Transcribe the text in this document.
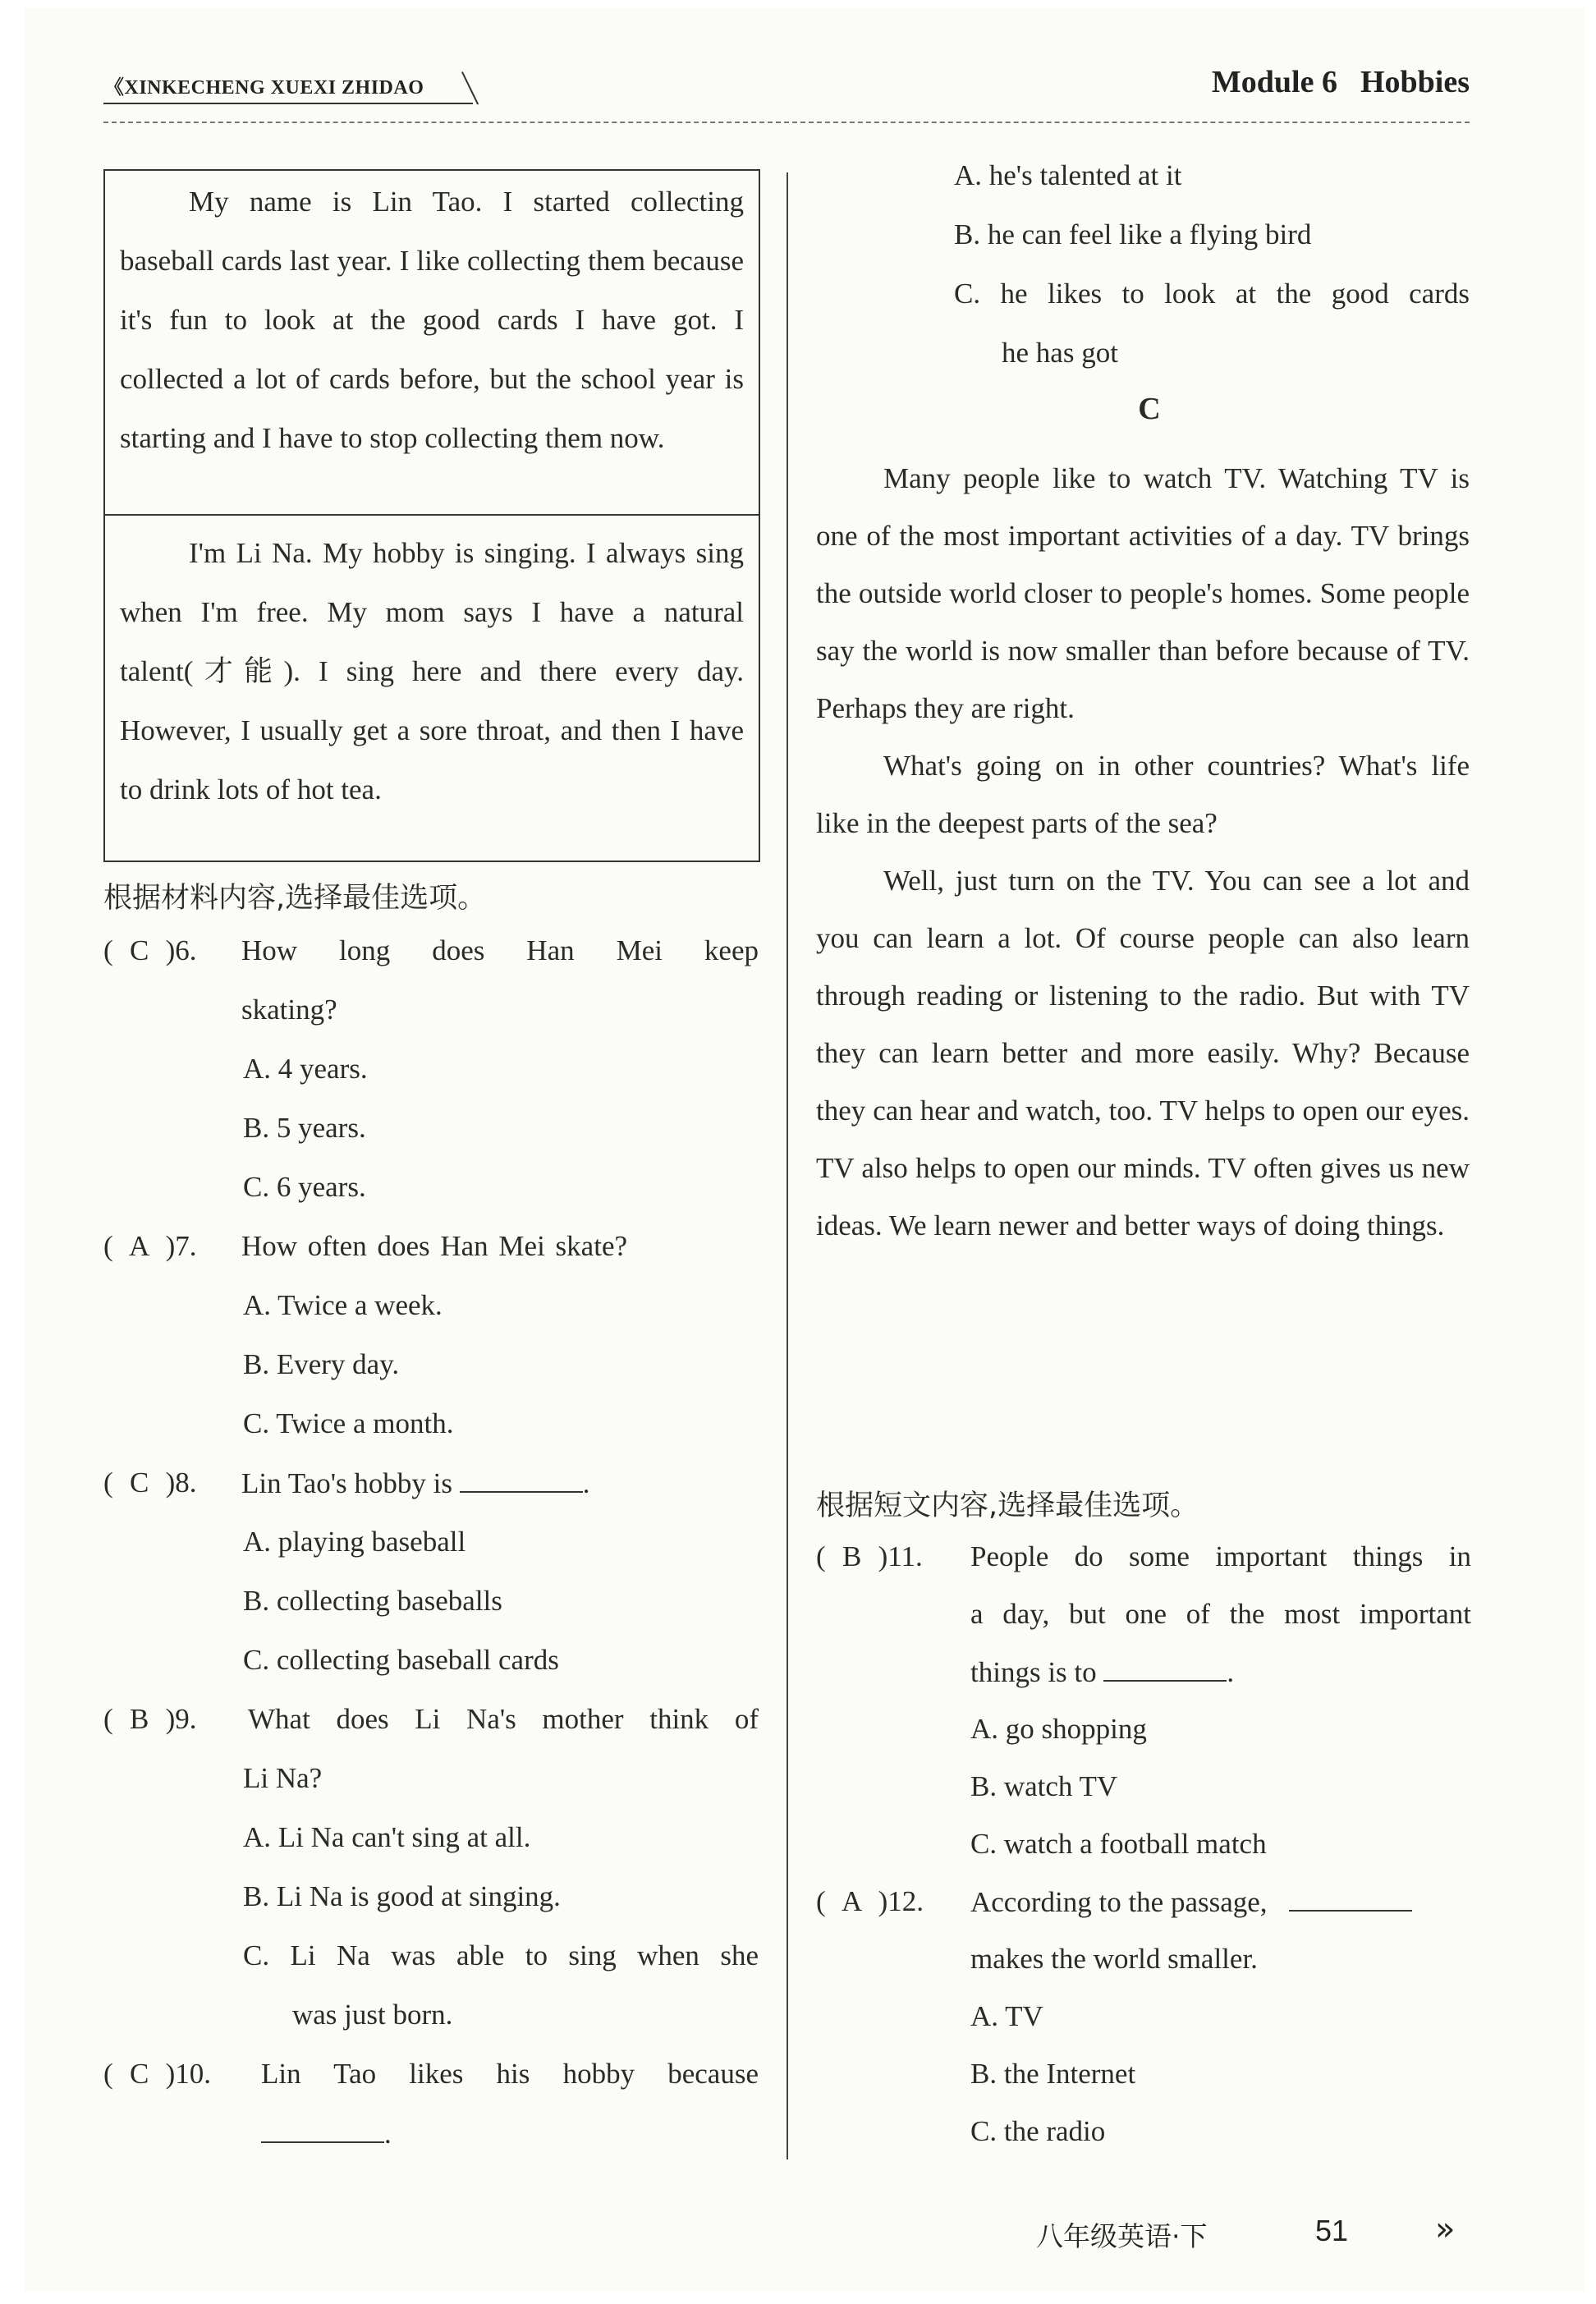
《XINKECHENG XUEXI ZHIDAO	Module 6 Hobbies

My name is Lin Tao. I started collecting baseball cards last year. I like collecting them because it's fun to look at the good cards I have got. I collected a lot of cards before, but the school year is starting and I have to stop collecting them now.

I'm Li Na. My hobby is singing. I always sing when I'm free. My mom says I have a natural talent(才能). I sing here and there every day. However, I usually get a sore throat, and then I have to drink lots of hot tea.

根据材料内容,选择最佳选项。
( C )6. How long does Han Mei keep
skating?
A. 4 years.
B. 5 years.
C. 6 years.
( A )7. How often does Han Mei skate?
A. Twice a week.
B. Every day.
C. Twice a month.
( C )8. Lin Tao's hobby is	.
A. playing baseball
B. collecting baseballs
C. collecting baseball cards
( B )9. What does Li Na's mother think of
Li Na?
A. Li Na can't sing at all.
B. Li Na is good at singing.
C. Li Na was able to sing when she
was just born.
( C )10. Lin Tao likes his hobby because
.
A. he's talented at it
B. he can feel like a flying bird
C. he likes to look at the good cards
he has got
C

Many people like to watch TV. Watching TV is one of the most important activities of a day. TV brings the outside world closer to people's homes. Some people say the world is now smaller than before because of TV. Perhaps they are right.

What's going on in other countries? What's life like in the deepest parts of the sea?

Well, just turn on the TV. You can see a lot and you can learn a lot. Of course people can also learn through reading or listening to the radio. But with TV they can learn better and more easily. Why? Because they can hear and watch, too. TV helps to open our eyes. TV also helps to open our minds. TV often gives us new ideas. We learn newer and better ways of doing things.

根据短文内容,选择最佳选项。
( B )11. People do some important things in
a day, but one of the most important
things is to	.
A. go shopping
B. watch TV
C. watch a football match
( A )12. According to the passage,
makes the world smaller.
A. TV
B. the Internet
C. the radio
八年级英语·下	51	»
